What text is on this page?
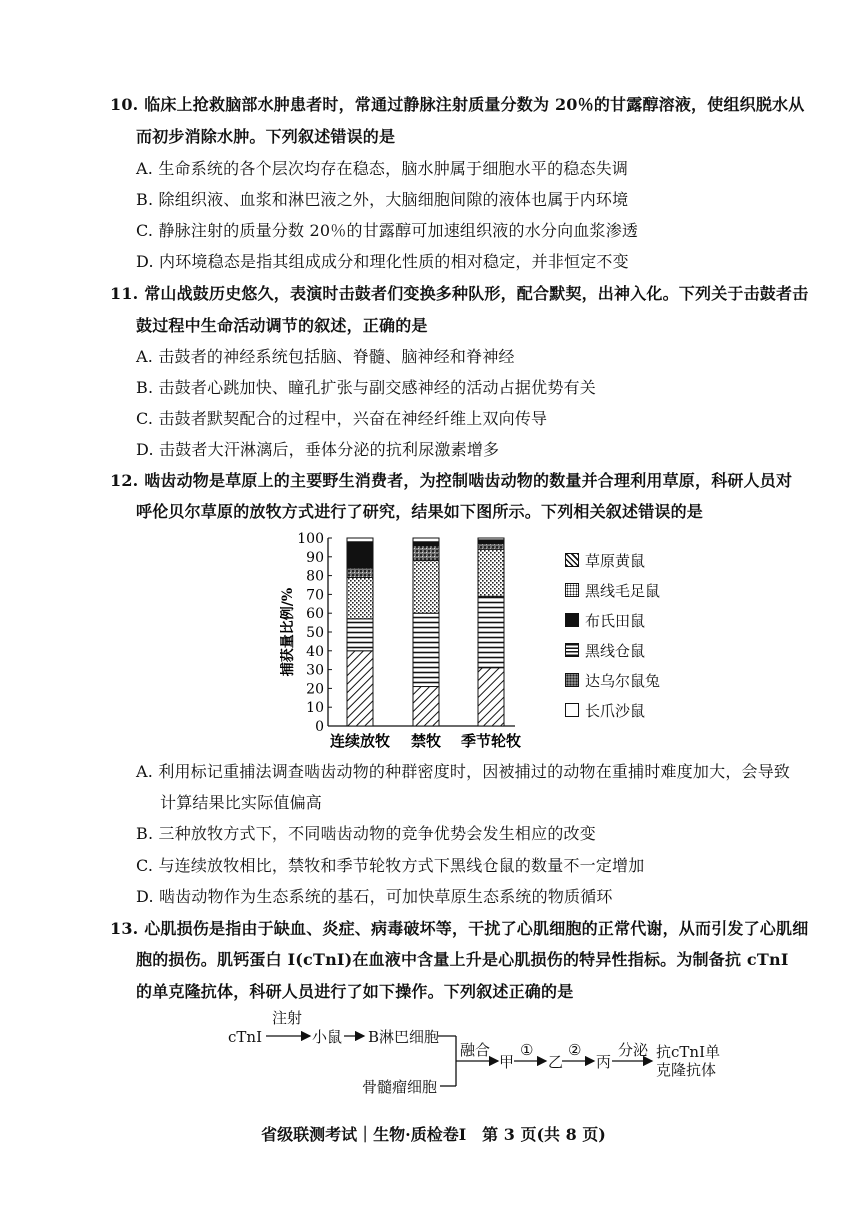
10. 临床上抢救脑部水肿患者时，常通过静脉注射质量分数为 20％的甘露醇溶液，使组织脱水从
而初步消除水肿。下列叙述错误的是
A. 生命系统的各个层次均存在稳态，脑水肿属于细胞水平的稳态失调
B. 除组织液、血浆和淋巴液之外，大脑细胞间隙的液体也属于内环境
C. 静脉注射的质量分数 20％的甘露醇可加速组织液的水分向血浆渗透
D. 内环境稳态是指其组成成分和理化性质的相对稳定，并非恒定不变
11. 常山战鼓历史悠久，表演时击鼓者们变换多种队形，配合默契，出神入化。下列关于击鼓者击
鼓过程中生命活动调节的叙述，正确的是
A. 击鼓者的神经系统包括脑、脊髓、脑神经和脊神经
B. 击鼓者心跳加快、瞳孔扩张与副交感神经的活动占据优势有关
C. 击鼓者默契配合的过程中，兴奋在神经纤维上双向传导
D. 击鼓者大汗淋漓后，垂体分泌的抗利尿激素增多
12. 啮齿动物是草原上的主要野生消费者，为控制啮齿动物的数量并合理利用草原，科研人员对
呼伦贝尔草原的放牧方式进行了研究，结果如下图所示。下列相关叙述错误的是
0
10
20
30
40
50
60
70
80
90
100
捕获量比例/%
连续放牧 禁牧 季节轮牧
草原黄鼠
黑线毛足鼠
布氏田鼠
黑线仓鼠
达乌尔鼠兔
长爪沙鼠
A. 利用标记重捕法调查啮齿动物的种群密度时，因被捕过的动物在重捕时难度加大，会导致
计算结果比实际值偏高
B. 三种放牧方式下，不同啮齿动物的竞争优势会发生相应的改变
C. 与连续放牧相比，禁牧和季节轮牧方式下黑线仓鼠的数量不一定增加
D. 啮齿动物作为生态系统的基石，可加快草原生态系统的物质循环
13. 心肌损伤是指由于缺血、炎症、病毒破坏等，干扰了心肌细胞的正常代谢，从而引发了心肌细
胞的损伤。肌钙蛋白 I(cTnI)在血液中含量上升是心肌损伤的特异性指标。为制备抗 cTnI
的单克隆抗体，科研人员进行了如下操作。下列叙述正确的是
cTnI
注射
小鼠 B淋巴细胞
骨髓瘤细胞
融合
甲
①
乙
②
丙
分泌 抗cTnI单
克隆抗体
省级联测考试｜生物·质检卷Ⅰ　第 3 页(共 8 页)
